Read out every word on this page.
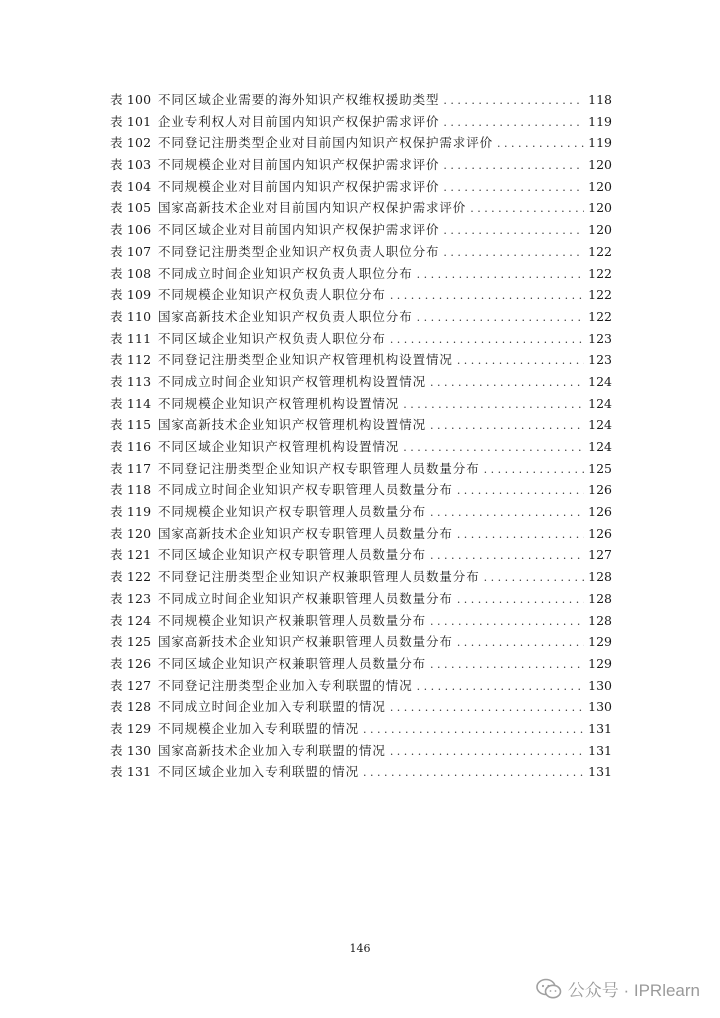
表 100 不同区域企业需要的海外知识产权维权援助类型 . . .	118
表 101 企业专利权人对目前国内知识产权保护需求评价 . . .	119
表 102 不同登记注册类型企业对目前国内知识产权保护需求评价 . . .	119
表 103 不同规模企业对目前国内知识产权保护需求评价 . . .	120
表 104 不同规模企业对目前国内知识产权保护需求评价 . . .	120
表 105 国家高新技术企业对目前国内知识产权保护需求评价 . . .	120
表 106 不同区域企业对目前国内知识产权保护需求评价 . . .	120
表 107 不同登记注册类型企业知识产权负责人职位分布 . . .	122
表 108 不同成立时间企业知识产权负责人职位分布 . . .	122
表 109 不同规模企业知识产权负责人职位分布 . . .	122
表 110 国家高新技术企业知识产权负责人职位分布 . . .	122
表 111 不同区域企业知识产权负责人职位分布 . . .	123
表 112 不同登记注册类型企业知识产权管理机构设置情况 . . .	123
表 113 不同成立时间企业知识产权管理机构设置情况 . . .	124
表 114 不同规模企业知识产权管理机构设置情况 . . .	124
表 115 国家高新技术企业知识产权管理机构设置情况 . . .	124
表 116 不同区域企业知识产权管理机构设置情况 . . .	124
表 117 不同登记注册类型企业知识产权专职管理人员数量分布 . . .	125
表 118 不同成立时间企业知识产权专职管理人员数量分布 . . .	126
表 119 不同规模企业知识产权专职管理人员数量分布 . . .	126
表 120 国家高新技术企业知识产权专职管理人员数量分布 . . .	126
表 121 不同区域企业知识产权专职管理人员数量分布 . . .	127
表 122 不同登记注册类型企业知识产权兼职管理人员数量分布 . . .	128
表 123 不同成立时间企业知识产权兼职管理人员数量分布 . . .	128
表 124 不同规模企业知识产权兼职管理人员数量分布 . . .	128
表 125 国家高新技术企业知识产权兼职管理人员数量分布 . . .	129
表 126 不同区域企业知识产权兼职管理人员数量分布 . . .	129
表 127 不同登记注册类型企业加入专利联盟的情况 . . .	130
表 128 不同成立时间企业加入专利联盟的情况 . . .	130
表 129 不同规模企业加入专利联盟的情况 . . .	131
表 130 国家高新技术企业加入专利联盟的情况 . . .	131
表 131 不同区域企业加入专利联盟的情况 . . .	131
146
公众号 · IPRlearn
